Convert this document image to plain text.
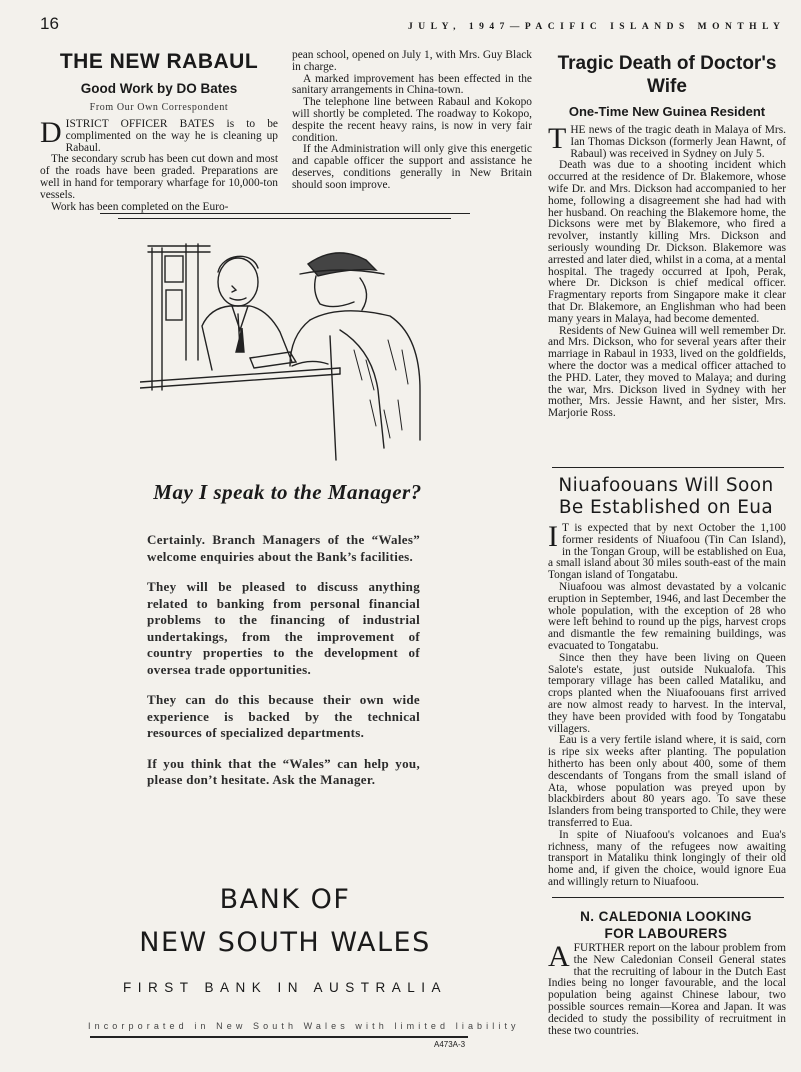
16	JULY, 1947—PACIFIC ISLANDS MONTHLY
THE NEW RABAUL
Good Work by DO Bates
From Our Own Correspondent

DISTRICT OFFICER BATES is to be complimented on the way he is cleaning up Rabaul.

The secondary scrub has been cut down and most of the roads have been graded. Preparations are well in hand for temporary wharfage for 10,000-ton vessels.

Work has been completed on the Euro-

pean school, opened on July 1, with Mrs. Guy Black in charge.

A marked improvement has been effected in the sanitary arrangements in China-town.

The telephone line between Rabaul and Kokopo will shortly be completed. The roadway to Kokopo, despite the recent heavy rains, is now in very fair condition.

If the Administration will only give this energetic and capable officer the support and assistance he deserves, conditions generally in New Britain should soon improve.

Tragic Death of Doctor's Wife
One-Time New Guinea Resident

THE news of the tragic death in Malaya of Mrs. Ian Thomas Dickson (formerly Jean Hawnt, of Rabaul) was received in Sydney on July 5.

Death was due to a shooting incident which occurred at the residence of Dr. Blakemore, whose wife Dr. and Mrs. Dickson had accompanied to her home, following a disagreement she had had with her husband. On reaching the Blakemore home, the Dicksons were met by Blakemore, who fired a revolver, instantly killing Mrs. Dickson and seriously wounding Dr. Dickson. Blakemore was arrested and later died, whilst in a coma, at a mental hospital. The tragedy occurred at Ipoh, Perak, where Dr. Dickson is chief medical officer. Fragmentary reports from Singapore make it clear that Dr. Blakemore, an Englishman who had been many years in Malaya, had become demented.

Residents of New Guinea will well remember Dr. and Mrs. Dickson, who for several years after their marriage in Rabaul in 1933, lived on the goldfields, where the doctor was a medical officer attached to the PHD. Later, they moved to Malaya; and during the war, Mrs. Dickson lived in Sydney with her mother, Mrs. Jessie Hawnt, and her sister, Mrs. Marjorie Ross.

Niuafoouans Will Soon Be Established on Eua

I T is expected that by next October the 1,100 former residents of Niuafoou (Tin Can Island), in the Tongan Group, will be established on Eua, a small island about 30 miles south-east of the main Tongan island of Tongatabu.

Niuafoou was almost devastated by a volcanic eruption in September, 1946, and last December the whole population, with the exception of 28 who were left behind to round up the pigs, harvest crops and dismantle the few remaining buildings, was evacuated to Tongatabu.

Since then they have been living on Queen Salote's estate, just outside Nukualofa. This temporary village has been called Mataliku, and crops planted when the Niuafoouans first arrived are now almost ready to harvest. In the interval, they have been provided with food by Tongatabu villagers.

Eau is a very fertile island where, it is said, corn is ripe six weeks after planting. The population hitherto has been only about 400, some of them descendants of Tongans from the small island of Ata, whose population was preyed upon by blackbirders about 80 years ago. To save these Islanders from being transported to Chile, they were transferred to Eua.

In spite of Niuafoou's volcanoes and Eua's richness, many of the refugees now awaiting transport in Mataliku think longingly of their old home and, if given the choice, would ignore Eua and willingly return to Niuafoou.

N. CALEDONIA LOOKING
FOR LABOURERS

AFURTHER report on the labour problem from the New Caledonian Conseil General states that the recruiting of labour in the Dutch East Indies being no longer favourable, and the local population being against Chinese labour, two possible sources remain—Korea and Japan. It was decided to study the possibility of recruitment in these two countries.

May I speak to the Manager?

Certainly. Branch Managers of the “Wales” welcome enquiries about the Bank’s facilities.

They will be pleased to discuss anything related to banking from personal financial problems to the financing of industrial undertakings, from the improvement of country properties to the development of oversea trade opportunities.

They can do this because their own wide experience is backed by the technical resources of specialized departments.

If you think that the “Wales” can help you, please don’t hesitate. Ask the Manager.

BANK OF
NEW SOUTH WALES
FIRST BANK IN AUSTRALIA
Incorporated in New South Wales with limited liability
A473A-3
